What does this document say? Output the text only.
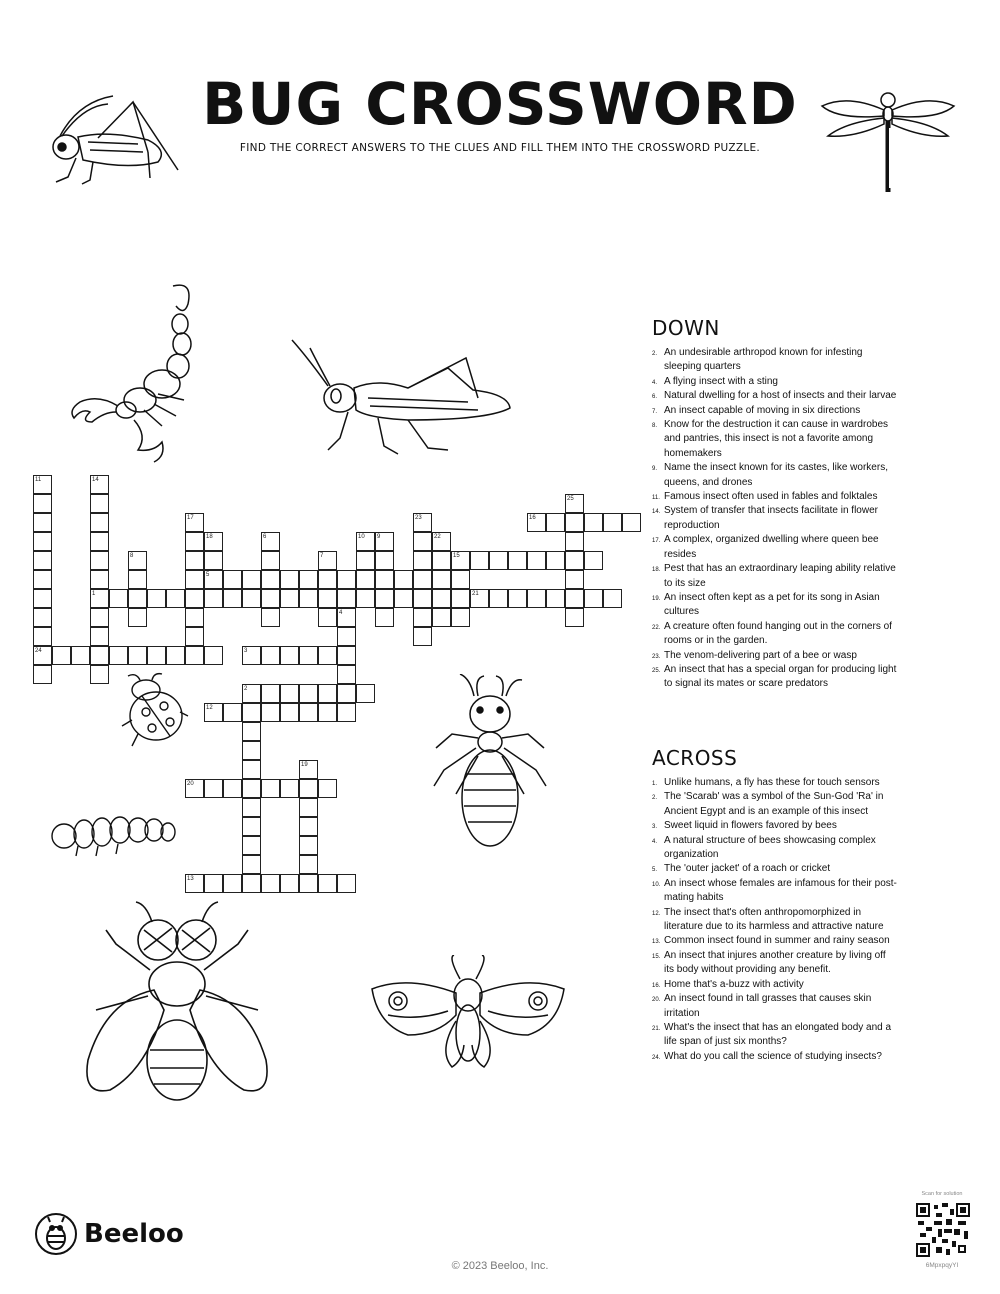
BUG CROSSWORD
FIND THE CORRECT ANSWERS TO THE CLUES AND FILL THEM INTO THE CROSSWORD PUZZLE.
16
15
5
1	21
24	3
2
12
20
13
11	14
17
18	6	10 9
23
22
25
8	7
4
19
DOWN
2. An undesirable arthropod known for infesting sleeping quarters
4. A flying insect with a sting
6. Natural dwelling for a host of insects and their larvae
7. An insect capable of moving in six directions
8. Know for the destruction it can cause in wardrobes and pantries, this insect is not a favorite among homemakers
9. Name the insect known for its castes, like workers, queens, and drones
11. Famous insect often used in fables and folktales
14. System of transfer that insects facilitate in flower reproduction
17. A complex, organized dwelling where queen bee resides
18. Pest that has an extraordinary leaping ability relative to its size
19. An insect often kept as a pet for its song in Asian cultures
22. A creature often found hanging out in the corners of rooms or in the garden.
23. The venom-delivering part of a bee or wasp
25. An insect that has a special organ for producing light to signal its mates or scare predators
ACROSS
1. Unlike humans, a fly has these for touch sensors
2. The 'Scarab' was a symbol of the Sun-God 'Ra' in Ancient Egypt and is an example of this insect
3. Sweet liquid in flowers favored by bees
4. A natural structure of bees showcasing complex organization
5. The 'outer jacket' of a roach or cricket
10. An insect whose females are infamous for their post-mating habits
12. The insect that's often anthropomorphized in literature due to its harmless and attractive nature
13. Common insect found in summer and rainy season
15. An insect that injures another creature by living off its body without providing any benefit.
16. Home that's a-buzz with activity
20. An insect found in tall grasses that causes skin irritation
21. What's the insect that has an elongated body and a life span of just six months?
24. What do you call the science of studying insects?
Beeloo
© 2023 Beeloo, Inc.
Scan for solution
6MpxpqyYI
